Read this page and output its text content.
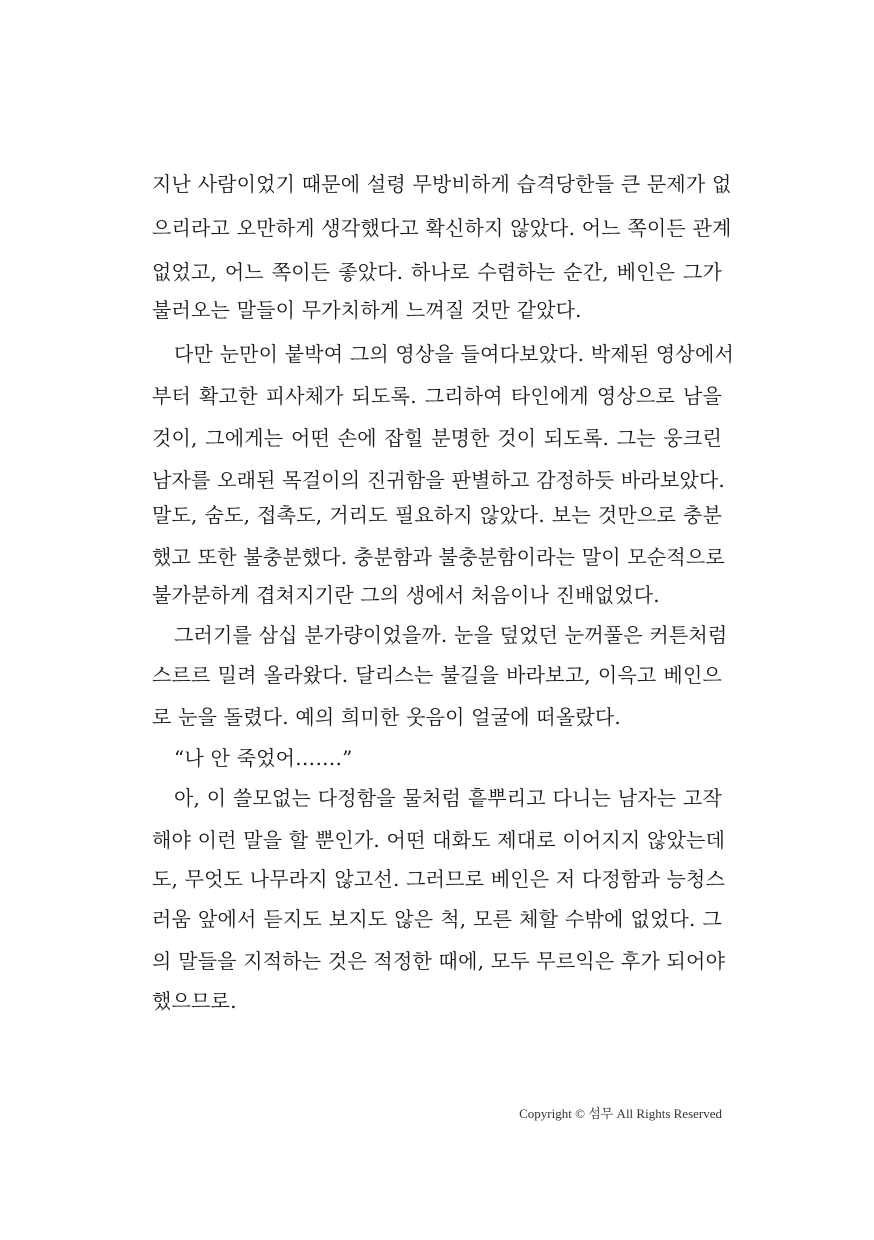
지난 사람이었기 때문에 설령 무방비하게 습격당한들 큰 문제가 없
으리라고 오만하게 생각했다고 확신하지 않았다. 어느 쪽이든 관계
없었고, 어느 쪽이든 좋았다. 하나로 수렴하는 순간, 베인은 그가
불러오는 말들이 무가치하게 느껴질 것만 같았다.
다만 눈만이 붙박여 그의 영상을 들여다보았다. 박제된 영상에서
부터 확고한 피사체가 되도록. 그리하여 타인에게 영상으로 남을
것이, 그에게는 어떤 손에 잡힐 분명한 것이 되도록. 그는 웅크린
남자를 오래된 목걸이의 진귀함을 판별하고 감정하듯 바라보았다.
말도, 숨도, 접촉도, 거리도 필요하지 않았다. 보는 것만으로 충분
했고 또한 불충분했다. 충분함과 불충분함이라는 말이 모순적으로
불가분하게 겹쳐지기란 그의 생에서 처음이나 진배없었다.
그러기를 삼십 분가량이었을까. 눈을 덮었던 눈꺼풀은 커튼처럼
스르르 밀려 올라왔다. 달리스는 불길을 바라보고, 이윽고 베인으
로 눈을 돌렸다. 예의 희미한 웃음이 얼굴에 떠올랐다.
“나 안 죽었어…….”
아, 이 쓸모없는 다정함을 물처럼 흩뿌리고 다니는 남자는 고작
해야 이런 말을 할 뿐인가. 어떤 대화도 제대로 이어지지 않았는데
도, 무엇도 나무라지 않고선. 그러므로 베인은 저 다정함과 능청스
러움 앞에서 듣지도 보지도 않은 척, 모른 체할 수밖에 없었다. 그
의 말들을 지적하는 것은 적정한 때에, 모두 무르익은 후가 되어야
했으므로.
Copyright © 섬무 All Rights Reserved
